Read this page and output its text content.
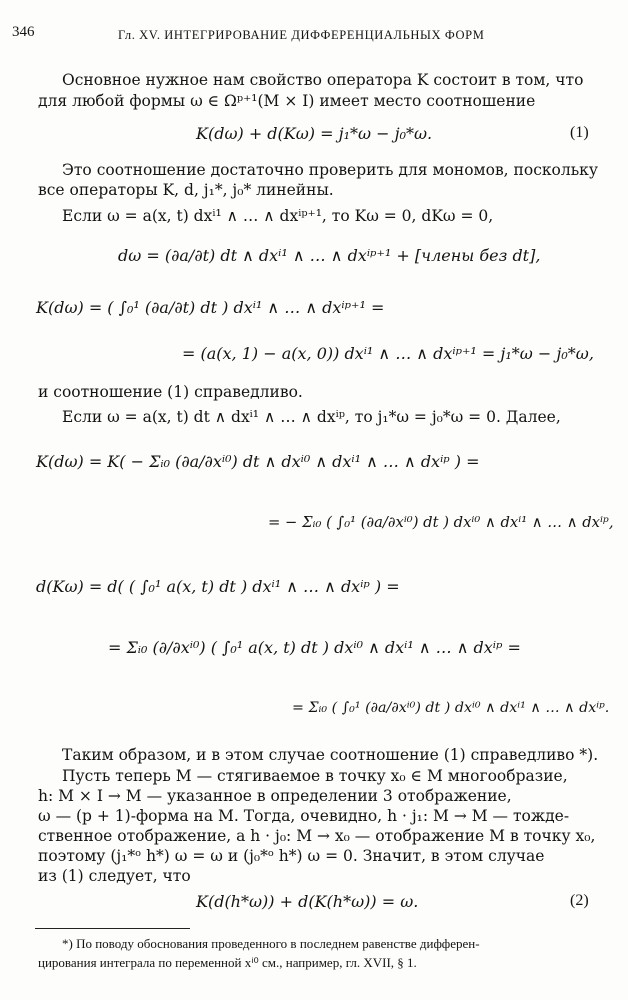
346	Гл. XV. ИНТЕГРИРОВАНИЕ ДИФФЕРЕНЦИАЛЬНЫХ ФОРМ
Основное нужное нам свойство оператора K состоит в том, что
для любой формы ω ∈ Ωᵖ⁺¹(M × I) имеет место соотношение
K(dω) + d(Kω) = j₁*ω − j₀*ω.	(1)
Это соотношение достаточно проверить для мономов, поскольку
все операторы K, d, j₁*, j₀* линейны.
Если ω = a(x, t) dxⁱ¹ ∧ … ∧ dxⁱᵖ⁺¹, то Kω = 0, dKω = 0,
dω = (∂a/∂t) dt ∧ dxⁱ¹ ∧ … ∧ dxⁱᵖ⁺¹ + [члены без dt],
K(dω) = ( ∫₀¹ (∂a/∂t) dt ) dxⁱ¹ ∧ … ∧ dxⁱᵖ⁺¹ =
= (a(x, 1) − a(x, 0)) dxⁱ¹ ∧ … ∧ dxⁱᵖ⁺¹ = j₁*ω − j₀*ω,
и соотношение (1) справедливо.
Если ω = a(x, t) dt ∧ dxⁱ¹ ∧ … ∧ dxⁱᵖ, то j₁*ω = j₀*ω = 0. Далее,
K(dω) = K( − Σᵢ₀ (∂a/∂xⁱ⁰) dt ∧ dxⁱ⁰ ∧ dxⁱ¹ ∧ … ∧ dxⁱᵖ ) =
= − Σᵢ₀ ( ∫₀¹ (∂a/∂xⁱ⁰) dt ) dxⁱ⁰ ∧ dxⁱ¹ ∧ … ∧ dxⁱᵖ,
d(Kω) = d( ( ∫₀¹ a(x, t) dt ) dxⁱ¹ ∧ … ∧ dxⁱᵖ ) =
= Σᵢ₀ (∂/∂xⁱ⁰) ( ∫₀¹ a(x, t) dt ) dxⁱ⁰ ∧ dxⁱ¹ ∧ … ∧ dxⁱᵖ =
= Σᵢ₀ ( ∫₀¹ (∂a/∂xⁱ⁰) dt ) dxⁱ⁰ ∧ dxⁱ¹ ∧ … ∧ dxⁱᵖ.
Таким образом, и в этом случае соотношение (1) справедливо *).
Пусть теперь M — стягиваемое в точку x₀ ∈ M многообразие,
h: M × I → M — указанное в определении 3 отображение,
ω — (p + 1)-форма на M. Тогда, очевидно, h · j₁: M → M — тожде-
ственное отображение, а h · j₀: M → x₀ — отображение M в точку x₀,
поэтому (j₁*ᵒ h*) ω = ω и (j₀*ᵒ h*) ω = 0. Значит, в этом случае
из (1) следует, что
K(d(h*ω)) + d(K(h*ω)) = ω.	(2)
*) По поводу обоснования проведенного в последнем равенстве дифферен-
цирования интеграла по переменной xⁱ⁰ см., например, гл. XVII, § 1.
